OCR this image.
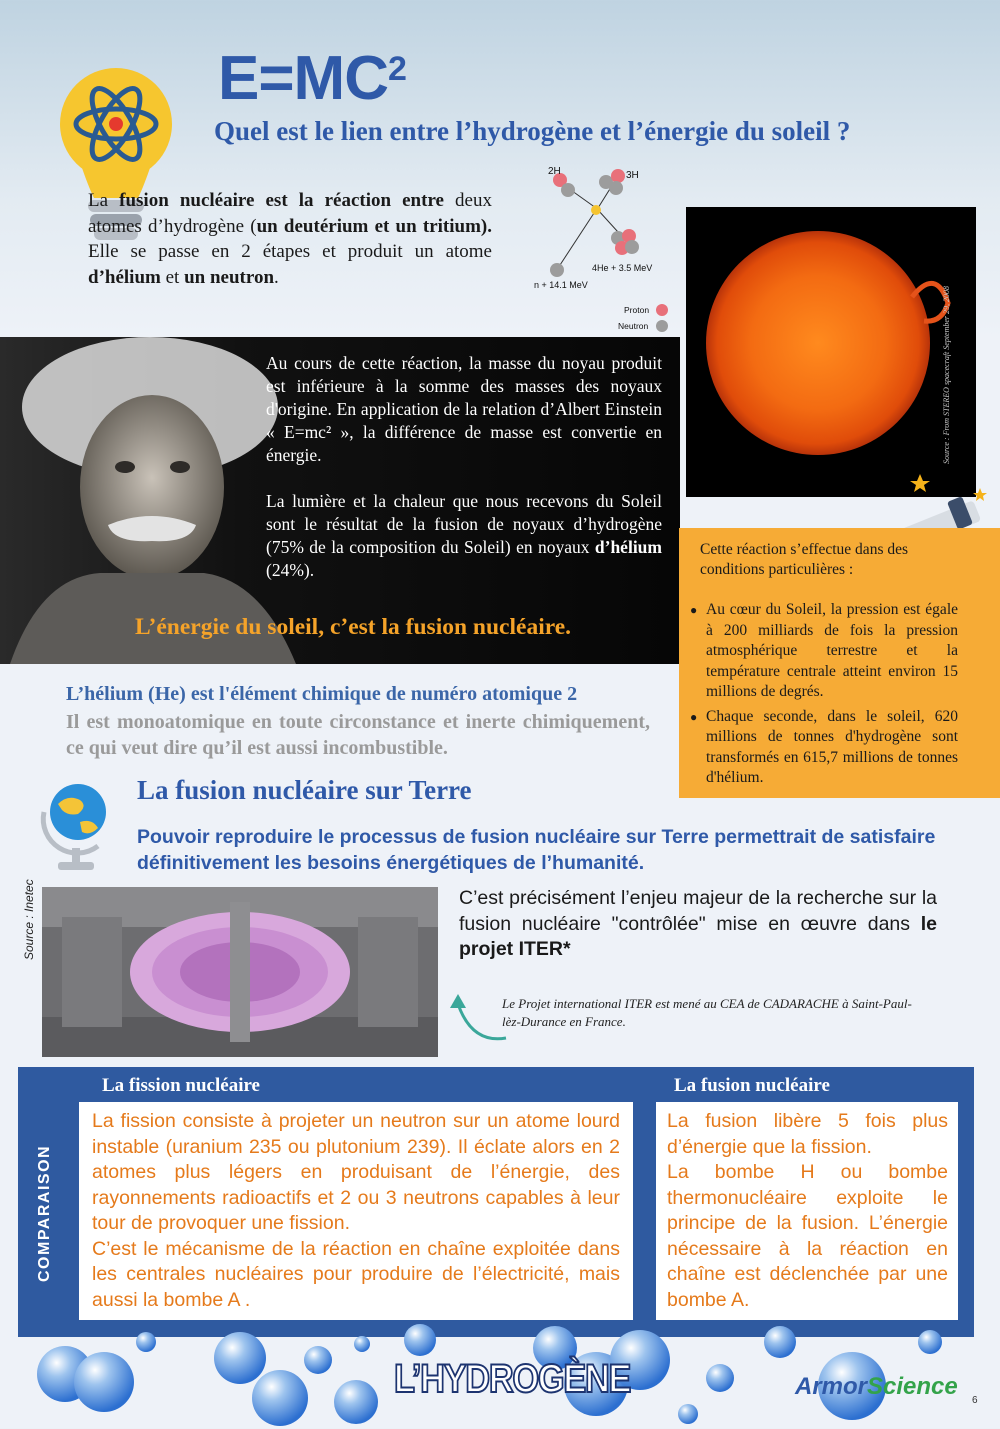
$E=MC^2$
Quel est le lien entre l’hydrogène et l’énergie du soleil ?
La fusion nucléaire est la réaction entre deux atomes d’hydrogène (un deutérium et un tritium). Elle se passe en 2 étapes et produit un atome d’hélium et un neutron.
2H	3H
4He + 3.5 MeV
n + 14.1 MeV
Proton
Neutron	Source : From STEREO spacecraft September 29, 2008

Au cours de cette réaction, la masse du noyau produit est inférieure à la somme des masses des noyaux d'origine. En application de la relation d’Albert Einstein « E=mc² », la différence de masse est convertie en énergie.

La lumière et la chaleur que nous recevons du Soleil sont le résultat de la fusion de noyaux d’hydrogène (75% de la composition du Soleil) en noyaux d’hélium (24%).

L’énergie du soleil, c’est la fusion nucléaire.
Cette réaction s’effectue dans des conditions particulières :
● Au cœur du Soleil, la pression est égale à 200 milliards de fois la pression atmosphérique terrestre et la température centrale atteint environ 15 millions de degrés.
● Chaque seconde, dans le soleil, 620 millions de tonnes d'hydrogène sont transformés en 615,7 millions de tonnes d'hélium.
L’hélium (He) est l'élément chimique de numéro atomique 2
Il est monoatomique en toute circonstance et inerte chimiquement, ce qui veut dire qu’il est aussi incombustible.
La fusion nucléaire sur Terre
Pouvoir reproduire le processus de fusion nucléaire sur Terre permettrait de satisfaire définitivement les besoins énergétiques de l’humanité.
Source : Inetec	C’est précisément l’enjeu majeur de la recherche sur la fusion nucléaire "contrôlée" mise en œuvre dans le projet ITER*
Le Projet international ITER est mené au CEA de CADARACHE à Saint-Paul-lèz-Durance en France.
COMPARAISON
La fission nucléaire
La fission consiste à projeter un neutron sur un atome lourd instable (uranium 235 ou plutonium 239). Il éclate alors en 2 atomes plus légers en produisant de l’énergie, des rayonnements radioactifs et 2 ou 3 neutrons capables à leur tour de provoquer une fission.
C’est le mécanisme de la réaction en chaîne exploitée dans les centrales nucléaires pour produire de l’électricité, mais aussi la bombe A .
La fusion nucléaire
La fusion libère 5 fois plus d’énergie que la fission.
La bombe H ou bombe thermonucléaire exploite le principe de la fusion. L’énergie nécessaire à la réaction en chaîne est déclenchée par une bombe A.
L’HYDROGÈNE	ArmorScience
6
